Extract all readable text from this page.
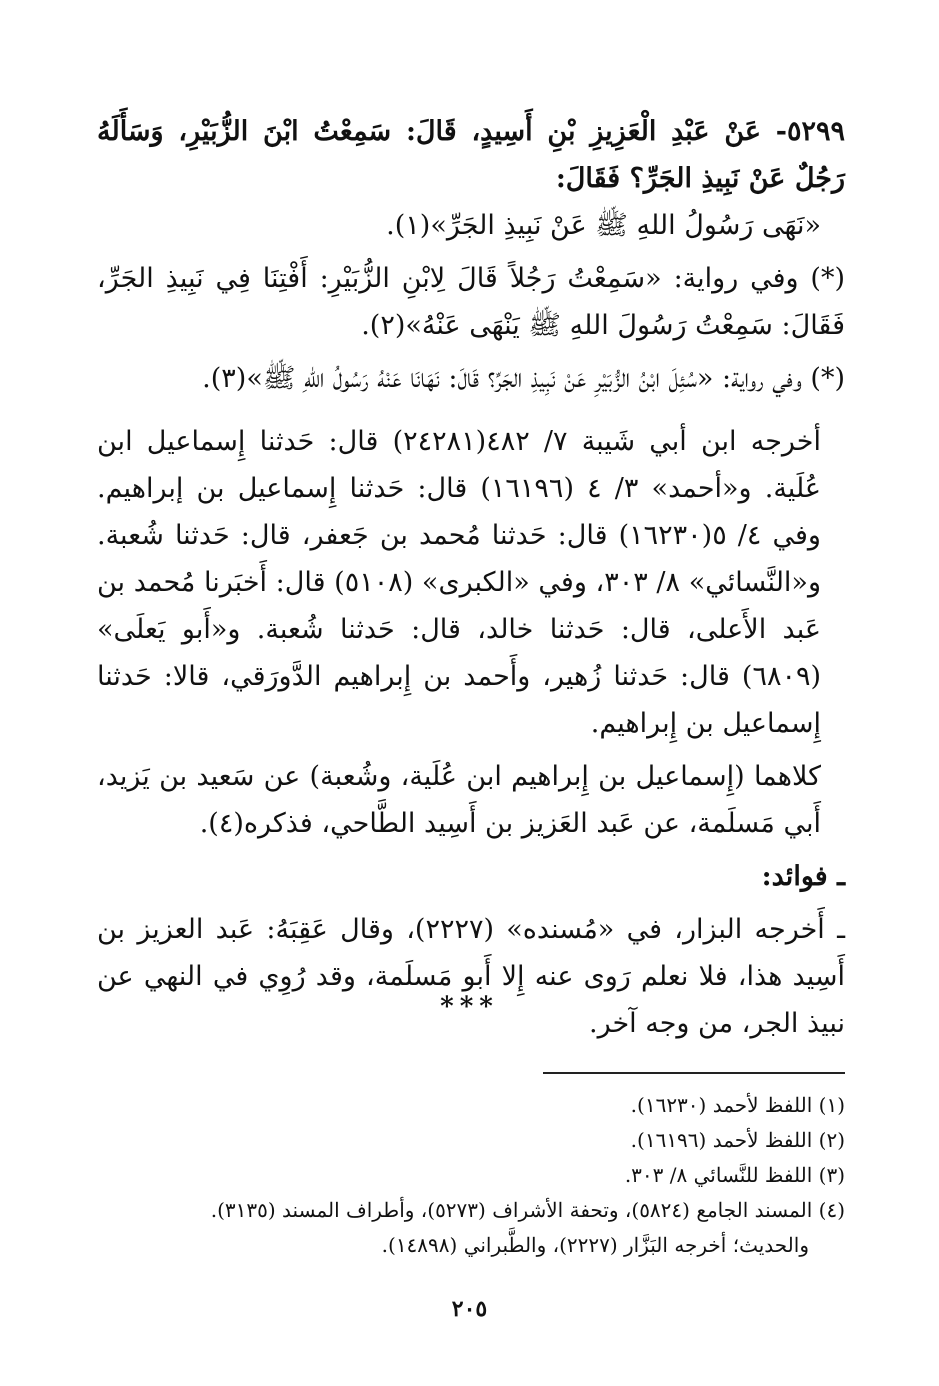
٥٢٩٩- عَنْ عَبْدِ الْعَزِيزِ بْنِ أَسِيدٍ، قَالَ: سَمِعْتُ ابْنَ الزُّبَيْرِ، وَسَأَلَهُ رَجُلٌ عَنْ نَبِيذِ الجَرِّ؟ فَقَالَ:

«نَهَى رَسُولُ اللهِ ﷺ عَنْ نَبِيذِ الجَرِّ»(١).

(*) وفي رواية: «سَمِعْتُ رَجُلاً قَالَ لِابْنِ الزُّبَيْرِ: أَفْتِنَا فِي نَبِيذِ الجَرِّ، فَقَالَ: سَمِعْتُ رَسُولَ اللهِ ﷺ يَنْهَى عَنْهُ»(٢).

(*) وفي رواية: «سُئِلَ ابْنُ الزُّبَيْرِ عَنْ نَبِيذِ الجَرِّ؟ قَالَ: نَهَانَا عَنْهُ رَسُولُ اللهِ ﷺ»(٣).

أخرجه ابن أبي شَيبة ٧/ ٤٨٢(٢٤٢٨١) قال: حَدثنا إِسماعيل ابن عُلَية. و«أحمد» ٣/ ٤ (١٦١٩٦) قال: حَدثنا إِسماعيل بن إبراهيم. وفي ٤/ ٥(١٦٢٣٠) قال: حَدثنا مُحمد بن جَعفر، قال: حَدثنا شُعبة. و«النَّسائي» ٨/ ٣٠٣، وفي «الكبرى» (٥١٠٨) قال: أَخبَرنا مُحمد بن عَبد الأَعلى، قال: حَدثنا خالد، قال: حَدثنا شُعبة. و«أَبو يَعلَى» (٦٨٠٩) قال: حَدثنا زُهير، وأَحمد بن إِبراهيم الدَّورَقي، قالا: حَدثنا إِسماعيل بن إِبراهيم.

كلاهما (إِسماعيل بن إِبراهيم ابن عُلَية، وشُعبة) عن سَعيد بن يَزيد، أَبي مَسلَمة، عن عَبد العَزيز بن أَسِيد الطَّاحي، فذكره(٤).

ـ فوائد:

ـ أَخرجه البزار، في «مُسنده» (٢٢٢٧)، وقال عَقِبَهُ: عَبد العزيز بن أَسِيد هذا، فلا نعلم رَوى عنه إِلا أَبو مَسلَمة، وقد رُوِي في النهي عن نبيذ الجر، من وجه آخر.

***

(١) اللفظ لأحمد (١٦٢٣٠).

(٢) اللفظ لأحمد (١٦١٩٦).

(٣) اللفظ للنَّسائي ٨/ ٣٠٣.

(٤) المسند الجامع (٥٨٢٤)، وتحفة الأشراف (٥٢٧٣)، وأطراف المسند (٣١٣٥).

والحديث؛ أخرجه البَزَّار (٢٢٢٧)، والطَّبراني (١٤٨٩٨).

٢٠٥
